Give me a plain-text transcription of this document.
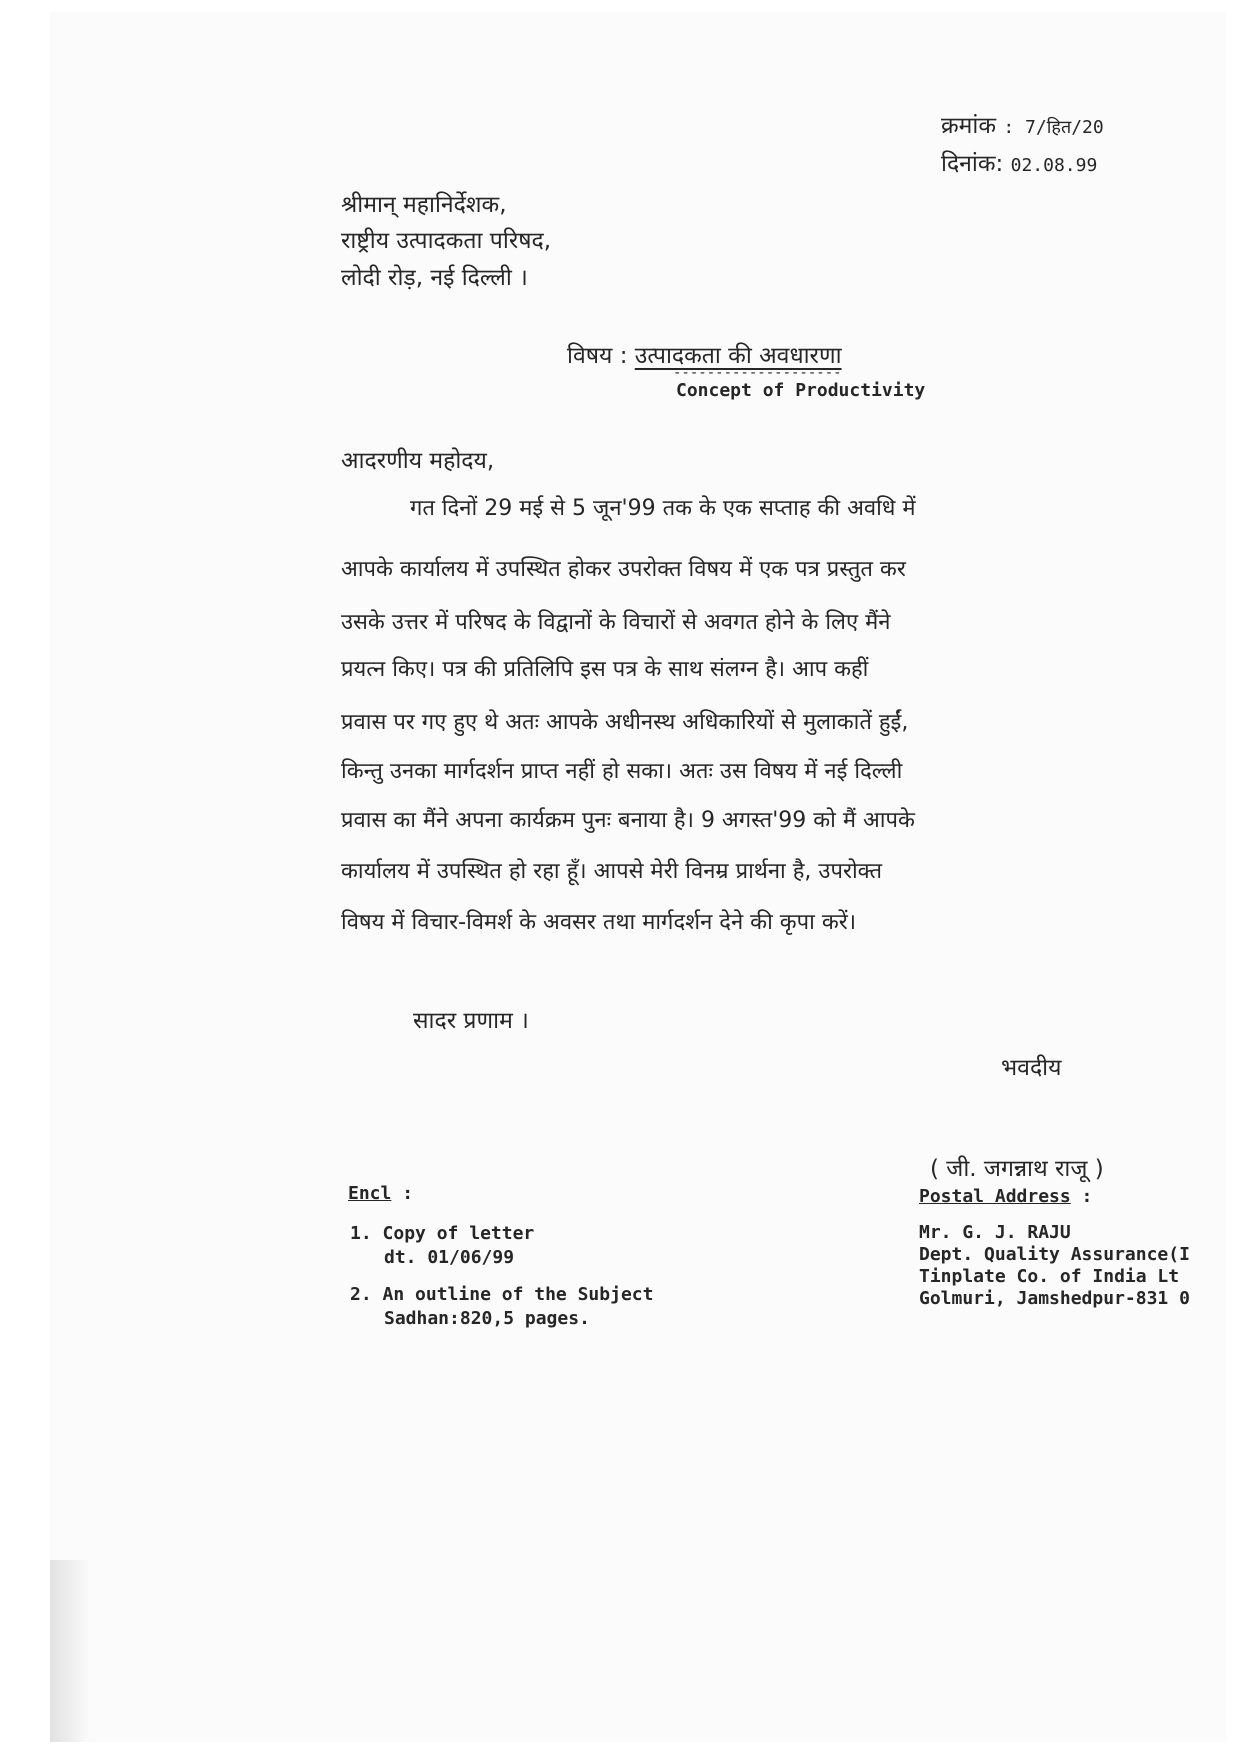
क्रमांक : 7/हित/20
दिनांक: 02.08.99
श्रीमान् महानिर्देशक,
राष्ट्रीय उत्पादकता परिषद,
लोदी रोड़, नई दिल्ली ।
विषय : उत्पादकता की अवधारणा
--------------------
Concept of Productivity
आदरणीय महोदय,
गत दिनों 29 मई से 5 जून'99 तक के एक सप्ताह की अवधि में
आपके कार्यालय में उपस्थित होकर उपरोक्त विषय में एक पत्र प्रस्तुत कर
उसके उत्तर में परिषद के विद्वानों के विचारों से अवगत होने के लिए मैंने
प्रयत्न किए। पत्र की प्रतिलिपि इस पत्र के साथ संलग्न है। आप कहीं
प्रवास पर गए हुए थे अतः आपके अधीनस्थ अधिकारियों से मुलाकातें हुईं,
किन्तु उनका मार्गदर्शन प्राप्त नहीं हो सका। अतः उस विषय में नई दिल्ली
प्रवास का मैंने अपना कार्यक्रम पुनः बनाया है। 9 अगस्त'99 को मैं आपके
कार्यालय में उपस्थित हो रहा हूँ। आपसे मेरी विनम्र प्रार्थना है, उपरोक्त
विषय में विचार-विमर्श के अवसर तथा मार्गदर्शन देने की कृपा करें।
सादर प्रणाम ।
भवदीय
( जी. जगन्नाथ राजू )
Encl :
1. Copy of letter
dt. 01/06/99
2. An outline of the Subject
Sadhan:820,5 pages.
Postal Address :
Mr. G. J. RAJU
Dept. Quality Assurance(I
Tinplate Co. of India Lt
Golmuri, Jamshedpur-831 0
